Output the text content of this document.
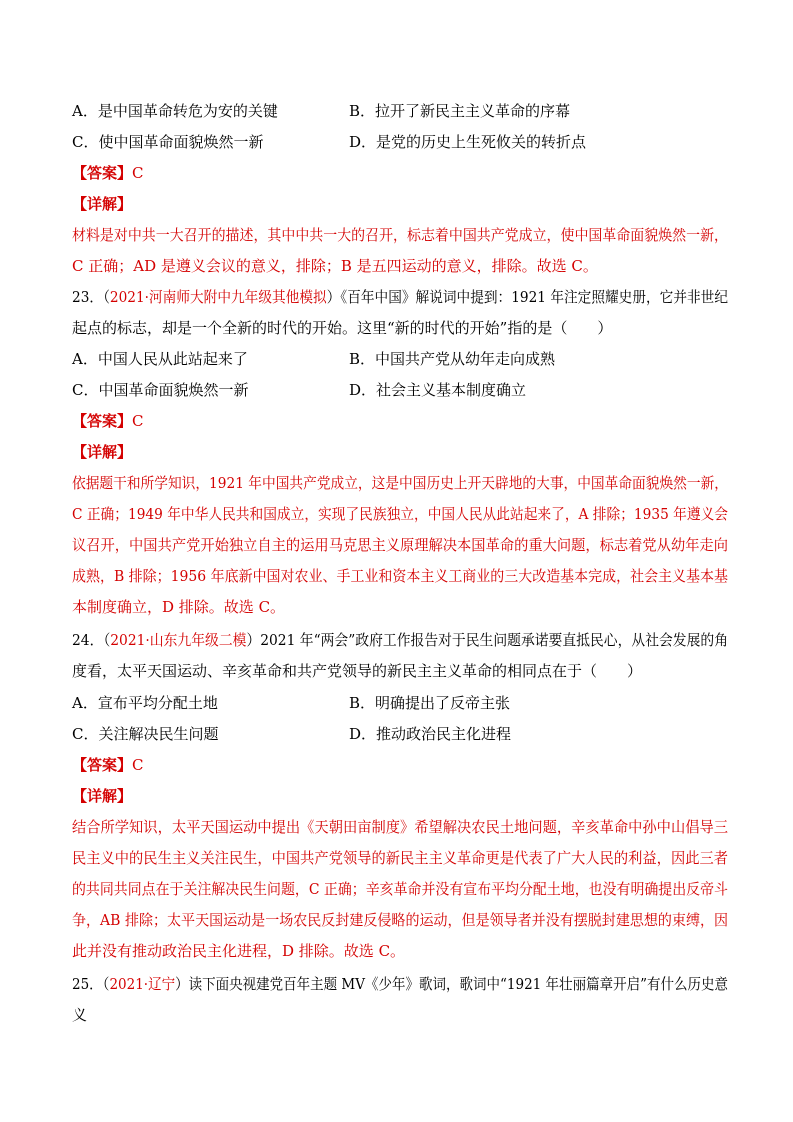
A．是中国革命转危为安的关键	B．拉开了新民主主义革命的序幕
C．使中国革命面貌焕然一新	D．是党的历史上生死攸关的转折点
【答案】C
【详解】
材料是对中共一大召开的描述，其中中共一大的召开，标志着中国共产党成立，使中国革命面貌焕然一新，
C 正确；AD 是遵义会议的意义，排除；B 是五四运动的意义，排除。故选 C。
23．（2021·河南师大附中九年级其他模拟）《百年中国》解说词中提到：1921 年注定照耀史册，它并非世纪
起点的标志，却是一个全新的时代的开始。这里“新的时代的开始”指的是（　　）
A．中国人民从此站起来了	B．中国共产党从幼年走向成熟
C．中国革命面貌焕然一新	D．社会主义基本制度确立
【答案】C
【详解】
依据题干和所学知识，1921 年中国共产党成立，这是中国历史上开天辟地的大事，中国革命面貌焕然一新，
C 正确；1949 年中华人民共和国成立，实现了民族独立，中国人民从此站起来了，A 排除；1935 年遵义会
议召开，中国共产党开始独立自主的运用马克思主义原理解决本国革命的重大问题，标志着党从幼年走向
成熟，B 排除；1956 年底新中国对农业、手工业和资本主义工商业的三大改造基本完成，社会主义基本基
本制度确立，D 排除。故选 C。
24．（2021·山东九年级二模）2021 年“两会”政府工作报告对于民生问题承诺要直抵民心，从社会发展的角
度看，太平天国运动、辛亥革命和共产党领导的新民主主义革命的相同点在于（　　）
A．宣布平均分配土地	B．明确提出了反帝主张
C．关注解决民生问题	D．推动政治民主化进程
【答案】C
【详解】
结合所学知识，太平天国运动中提出《天朝田亩制度》希望解决农民土地问题，辛亥革命中孙中山倡导三
民主义中的民生主义关注民生，中国共产党领导的新民主主义革命更是代表了广大人民的利益，因此三者
的共同共同点在于关注解决民生问题，C 正确；辛亥革命并没有宣布平均分配土地，也没有明确提出反帝斗
争，AB 排除；太平天国运动是一场农民反封建反侵略的运动，但是领导者并没有摆脱封建思想的束缚，因
此并没有推动政治民主化进程，D 排除。故选 C。
25．（2021·辽宁）读下面央视建党百年主题 MV《少年》歌词，歌词中“1921 年壮丽篇章开启”有什么历史意
义
